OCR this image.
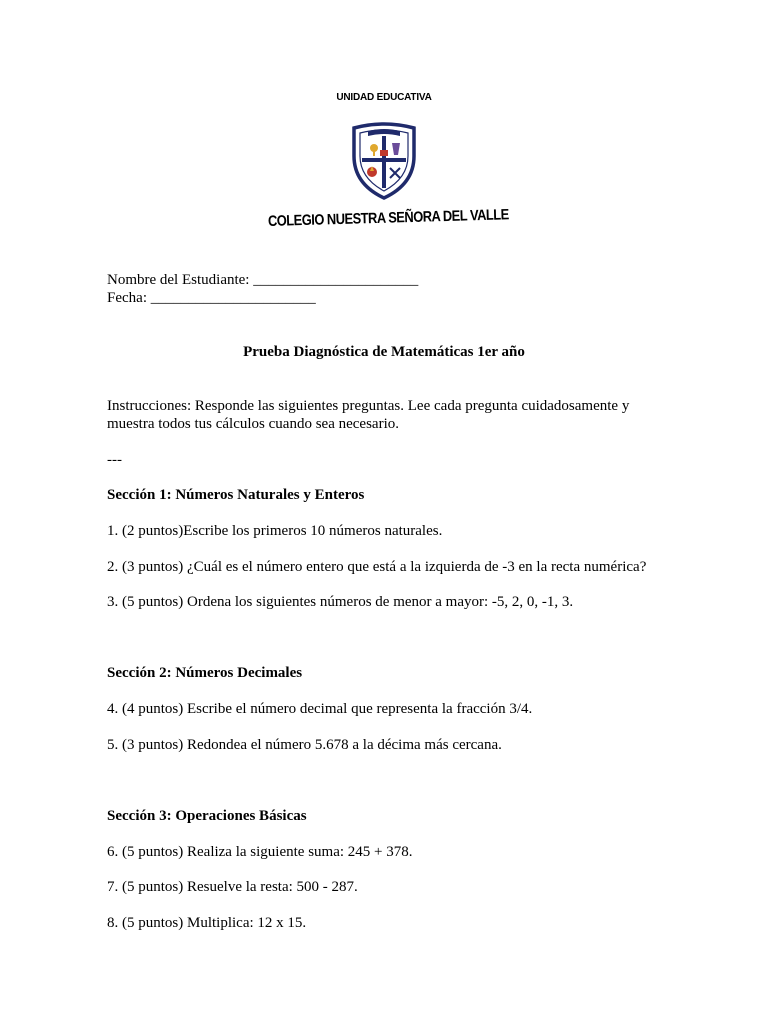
UNIDAD EDUCATIVA
COLEGIO NUESTRA SEÑORA DEL VALLE
Nombre del Estudiante: ______________________
Fecha: ______________________
Prueba Diagnóstica de Matemáticas 1er año
Instrucciones: Responde las siguientes preguntas. Lee cada pregunta cuidadosamente y muestra todos tus cálculos cuando sea necesario.
---
Sección 1: Números Naturales y Enteros
1. (2 puntos)Escribe los primeros 10 números naturales.
2. (3 puntos) ¿Cuál es el número entero que está a la izquierda de -3 en la recta numérica?
3. (5 puntos) Ordena los siguientes números de menor a mayor: -5, 2, 0, -1, 3.
Sección 2: Números Decimales
4. (4 puntos) Escribe el número decimal que representa la fracción 3/4.
5. (3 puntos) Redondea el número 5.678 a la décima más cercana.
Sección 3: Operaciones Básicas
6. (5 puntos) Realiza la siguiente suma: 245 + 378.
7. (5 puntos) Resuelve la resta: 500 - 287.
8. (5 puntos) Multiplica: 12 x 15.
